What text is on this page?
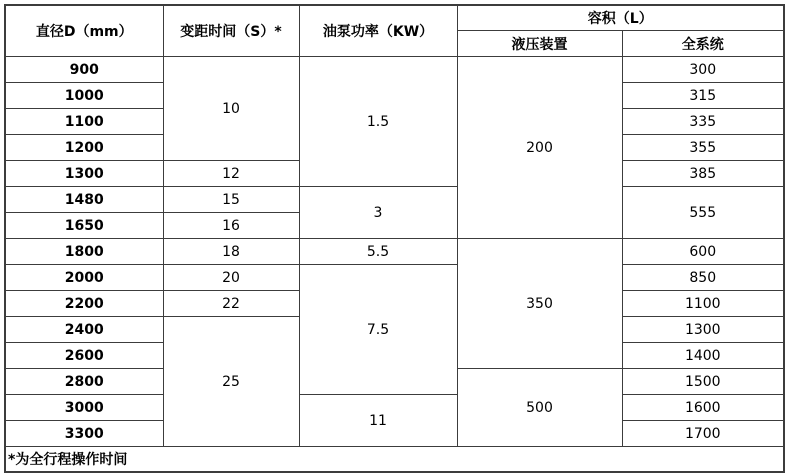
直径D（mm）	变距时间（S）*	油泵功率（KW）	容积（L）	
			液压装置	全系统
900	10	1.5	200	300
1000				315
1100				335
1200				355
1300	12			385
1480	15	3		555
1650	16			
1800	18	5.5	350	600
2000	20	7.5		850
2200	22			1100
2400	25			1300
2600				1400
2800			500	1500
3000		11		1600
3300				1700
*为全行程操作时间				
